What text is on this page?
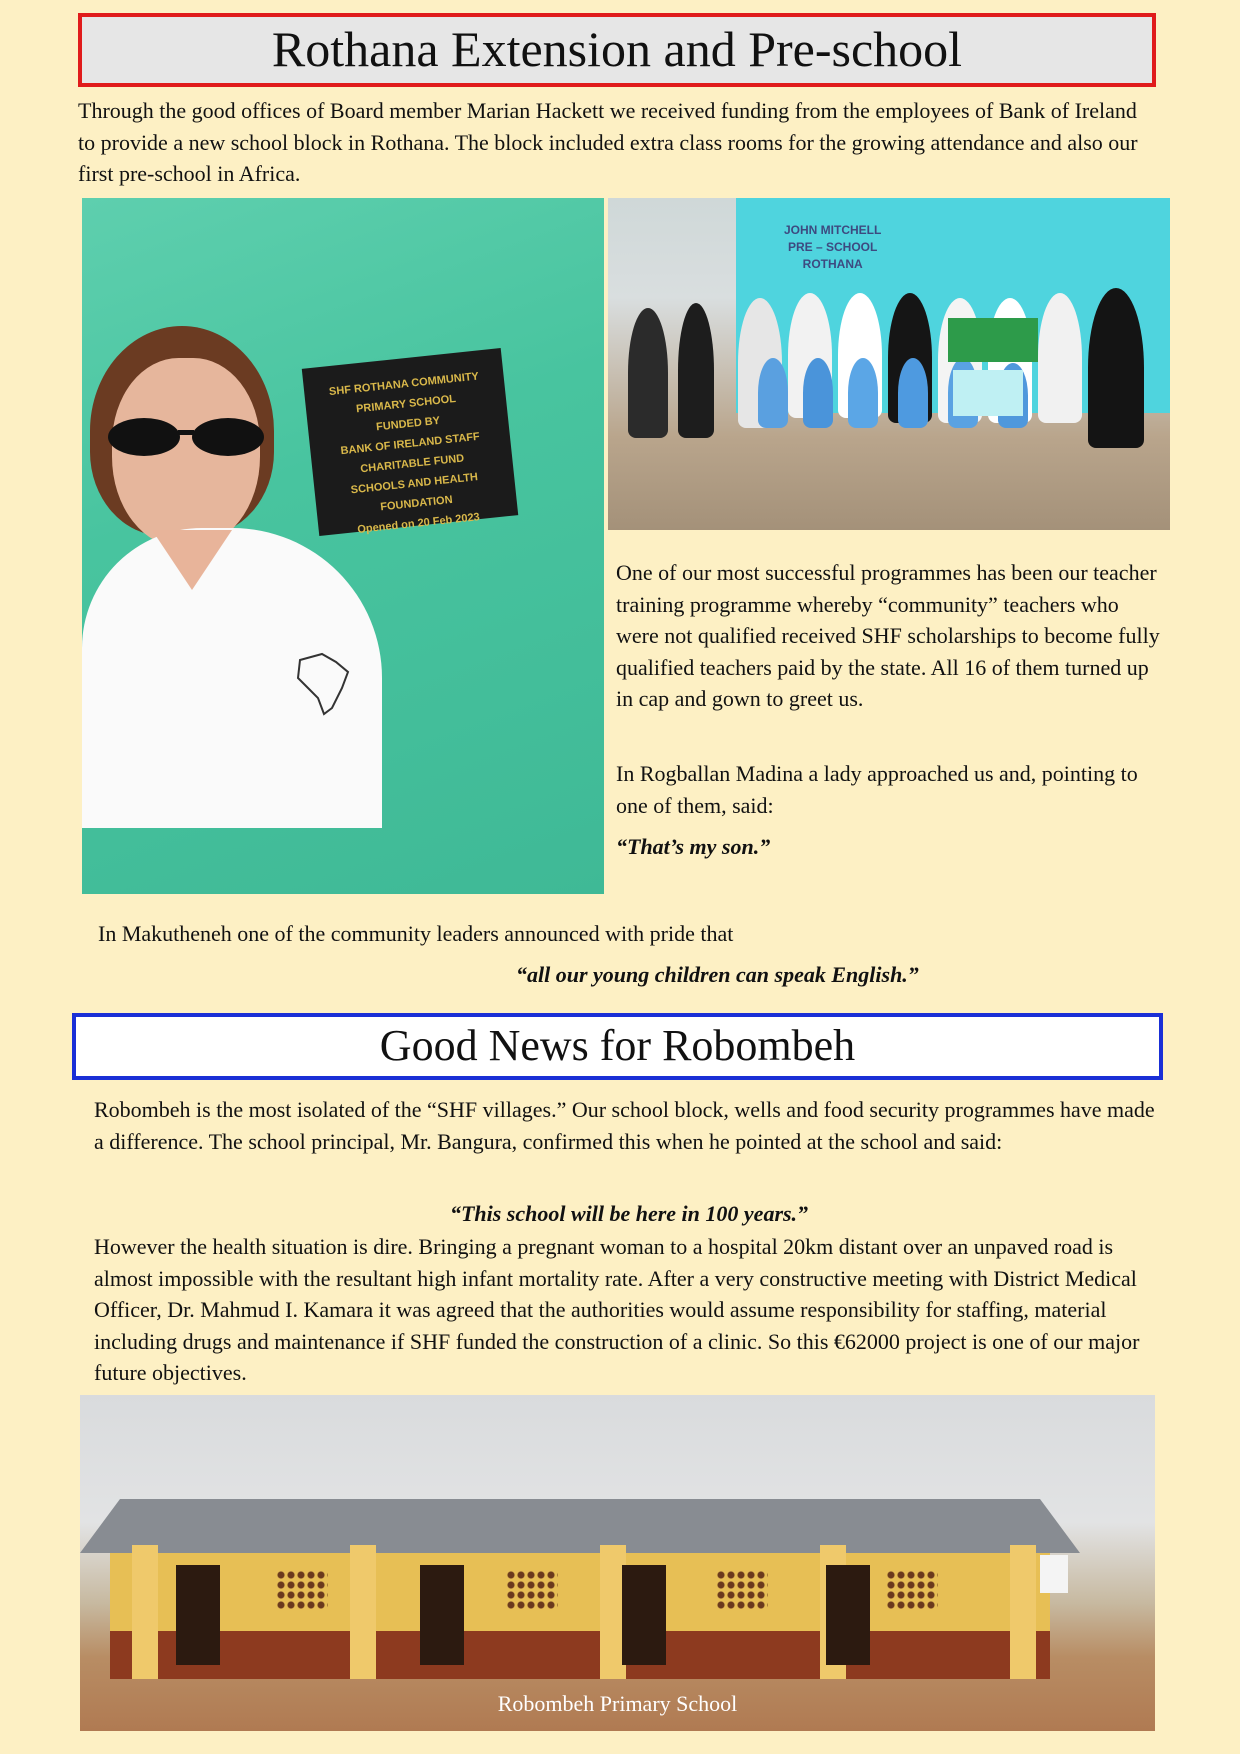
Rothana Extension and Pre-school

Through the good offices of Board member Marian Hackett we received funding from the employees of Bank of Ireland to provide a new school block in Rothana. The block included extra class rooms for the growing attendance and also our first pre-school in Africa.

SHF ROTHANA COMMUNITY PRIMARY SCHOOL
FUNDED BY
BANK OF IRELAND STAFF CHARITABLE FUND
SCHOOLS AND HEALTH FOUNDATION
Opened on 20 Feb 2023
JOHN MITCHELL
PRE – SCHOOL
ROTHANA

One of our most successful programmes has been our teacher training programme whereby “community” teachers who were not qualified received SHF scholarships to become fully qualified teachers paid by the state. All 16 of them turned up in cap and gown to greet us.

In Rogballan Madina a lady approached us and, pointing to one of them, said:

“That’s my son.”

In Makutheneh one of the community leaders announced with pride that

“all our young children can speak English.”
Good News for Robombeh

Robombeh is the most isolated of the “SHF villages.” Our school block, wells and food security programmes have made a difference. The school principal, Mr. Bangura, confirmed this when he pointed at the school and said:

“This school will be here in 100 years.”

However the health situation is dire. Bringing a pregnant woman to a hospital 20km distant over an unpaved road is almost impossible with the resultant high infant mortality rate. After a very constructive meeting with District Medical Officer, Dr. Mahmud I. Kamara it was agreed that the authorities would assume responsibility for staffing, material including drugs and maintenance if SHF funded the construction of a clinic. So this €62000 project is one of our major future objectives.

Robombeh Primary School
